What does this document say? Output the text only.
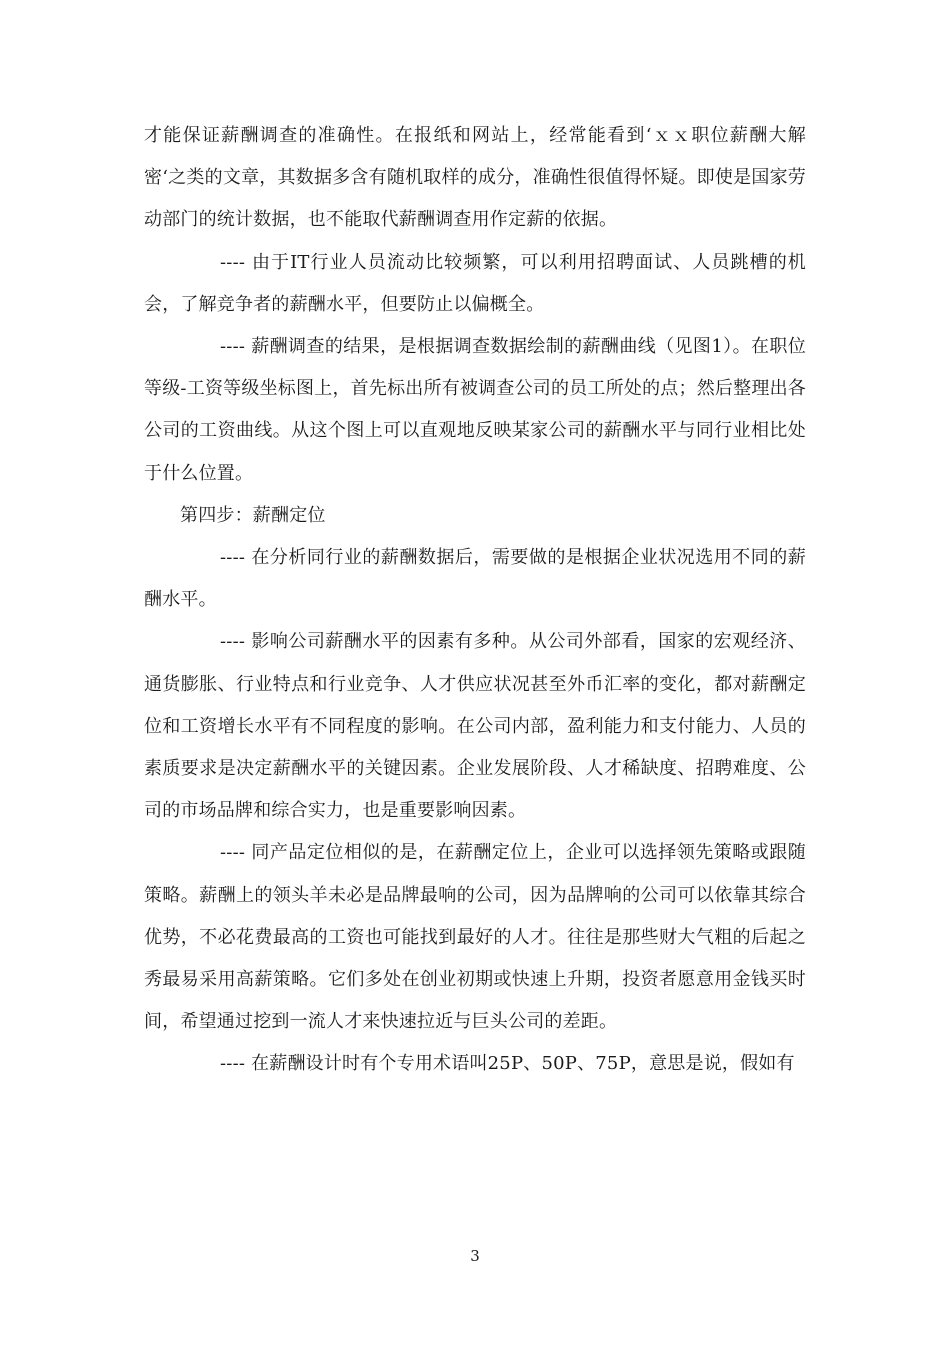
才能保证薪酬调查的准确性。在报纸和网站上，经常能看到‘ｘｘ职位薪酬大解密‘之类的文章，其数据多含有随机取样的成分，准确性很值得怀疑。即使是国家劳动部门的统计数据，也不能取代薪酬调查用作定薪的依据。

---- 由于IT行业人员流动比较频繁，可以利用招聘面试、人员跳槽的机会，了解竞争者的薪酬水平，但要防止以偏概全。

---- 薪酬调查的结果，是根据调查数据绘制的薪酬曲线（见图1）。在职位等级-工资等级坐标图上，首先标出所有被调查公司的员工所处的点；然后整理出各公司的工资曲线。从这个图上可以直观地反映某家公司的薪酬水平与同行业相比处于什么位置。

第四步：薪酬定位

---- 在分析同行业的薪酬数据后，需要做的是根据企业状况选用不同的薪酬水平。

---- 影响公司薪酬水平的因素有多种。从公司外部看，国家的宏观经济、通货膨胀、行业特点和行业竞争、人才供应状况甚至外币汇率的变化，都对薪酬定位和工资增长水平有不同程度的影响。在公司内部，盈利能力和支付能力、人员的素质要求是决定薪酬水平的关键因素。企业发展阶段、人才稀缺度、招聘难度、公司的市场品牌和综合实力，也是重要影响因素。

---- 同产品定位相似的是，在薪酬定位上，企业可以选择领先策略或跟随策略。薪酬上的领头羊未必是品牌最响的公司，因为品牌响的公司可以依靠其综合优势，不必花费最高的工资也可能找到最好的人才。往往是那些财大气粗的后起之秀最易采用高薪策略。它们多处在创业初期或快速上升期，投资者愿意用金钱买时间，希望通过挖到一流人才来快速拉近与巨头公司的差距。

---- 在薪酬设计时有个专用术语叫25P、50P、75P，意思是说，假如有

3
